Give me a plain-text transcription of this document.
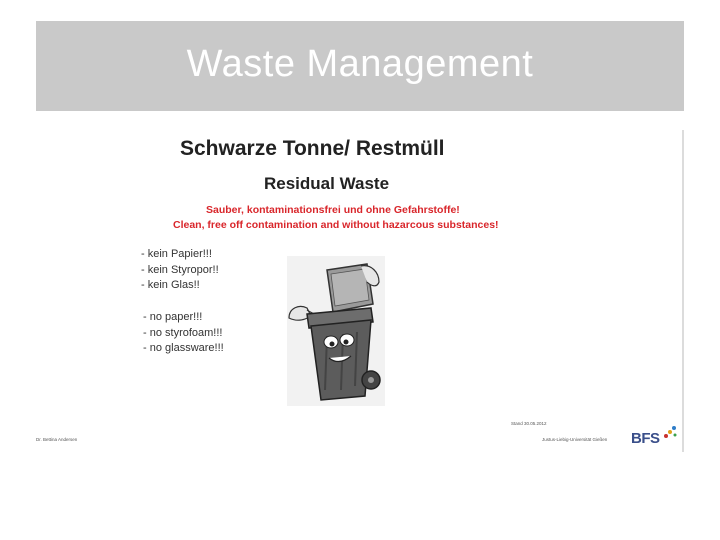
Waste Management
Schwarze Tonne/ Restmüll
Residual Waste
Sauber, kontaminationsfrei und ohne Gefahrstoffe!
Clean, free off contamination and without hazarcous substances!
- kein Papier!!!
- kein Styropor!!
- kein Glas!!
- no paper!!!
- no styrofoam!!!
- no glassware!!!
Dr. Bettina Andersen
Stand 30.05.2012
Justus-Liebig-Universität Gießen BFS
